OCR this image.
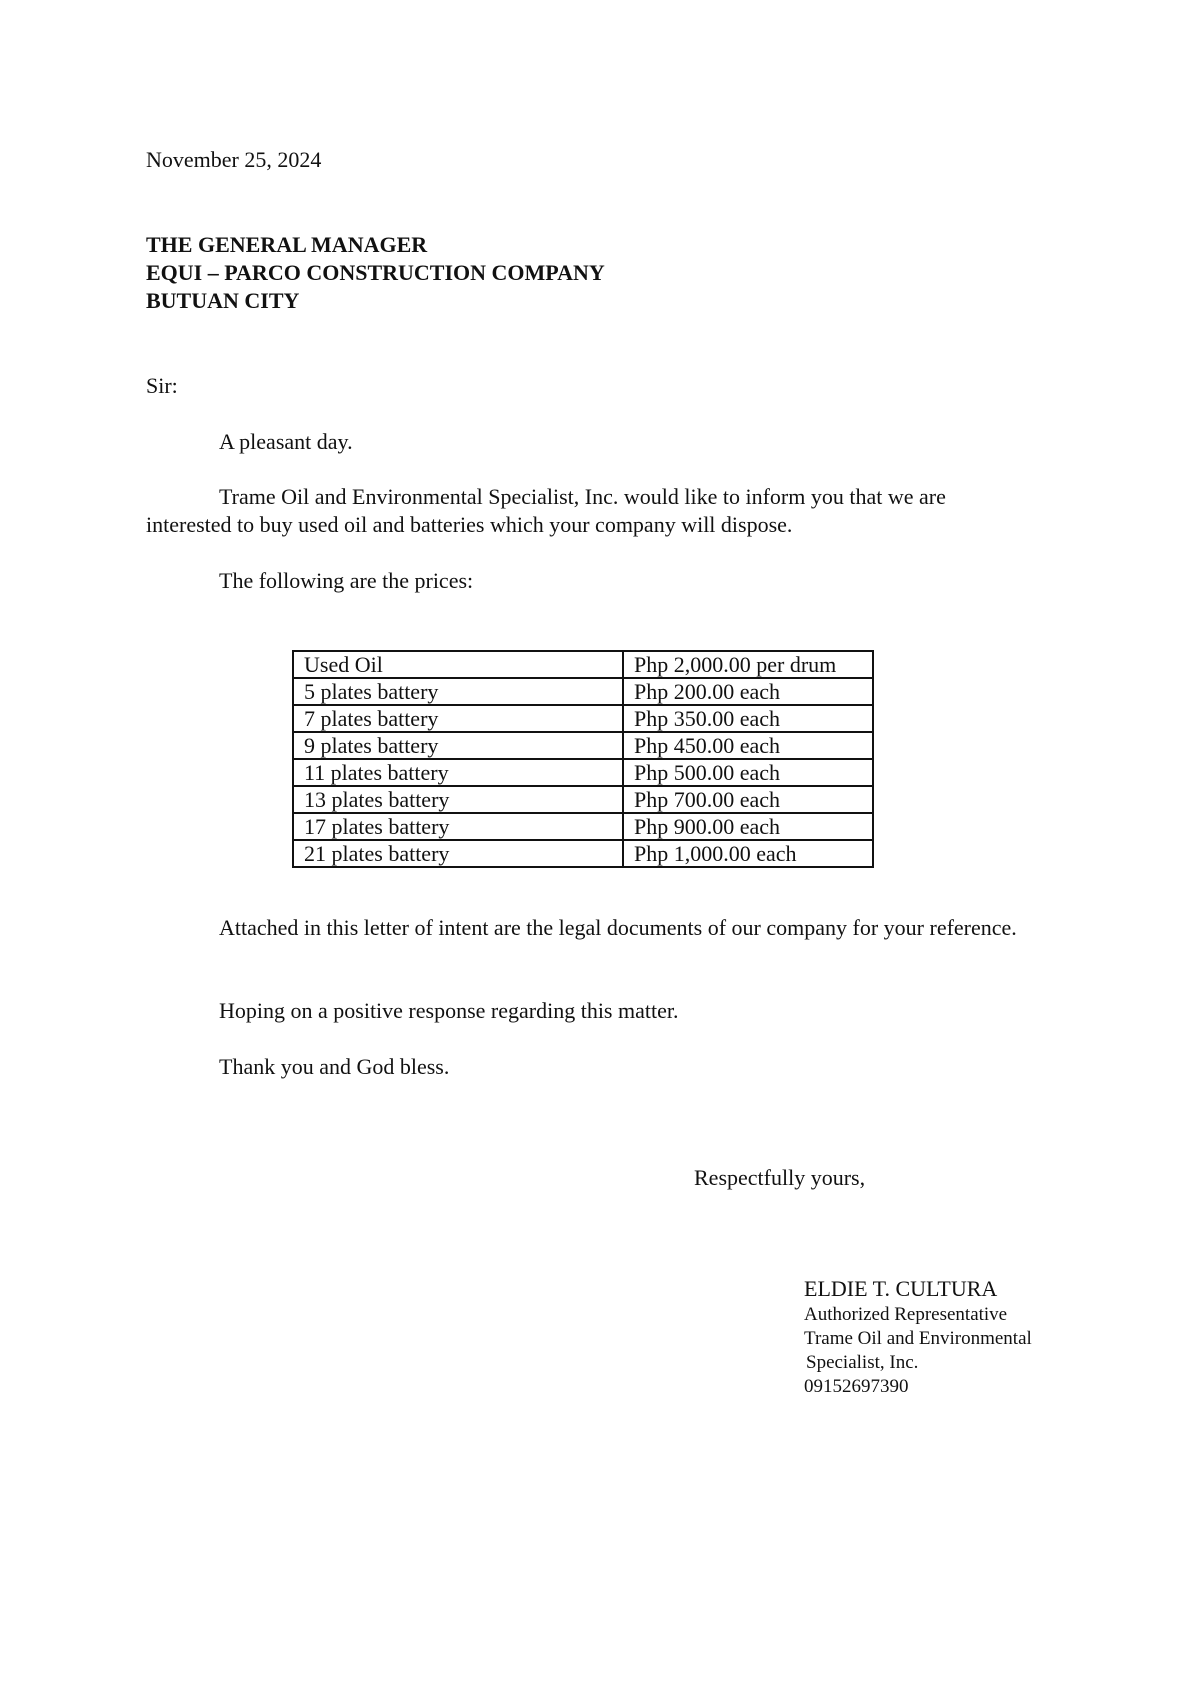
November 25, 2024
THE GENERAL MANAGER
EQUI – PARCO CONSTRUCTION COMPANY
BUTUAN CITY
Sir:
A pleasant day.
Trame Oil and Environmental Specialist, Inc. would like to inform you that we are interested to buy used oil and batteries which your company will dispose.
The following are the prices:
Used Oil	Php 2,000.00 per drum
5 plates battery	Php 200.00 each
7 plates battery	Php 350.00 each
9 plates battery	Php 450.00 each
11 plates battery	Php 500.00 each
13 plates battery	Php 700.00 each
17 plates battery	Php 900.00 each
21 plates battery	Php 1,000.00 each
Attached in this letter of intent are the legal documents of our company for your reference.
Hoping on a positive response regarding this matter.
Thank you and God bless.
Respectfully yours,
ELDIE T. CULTURA
Authorized Representative
Trame Oil and Environmental
Specialist, Inc.
09152697390
